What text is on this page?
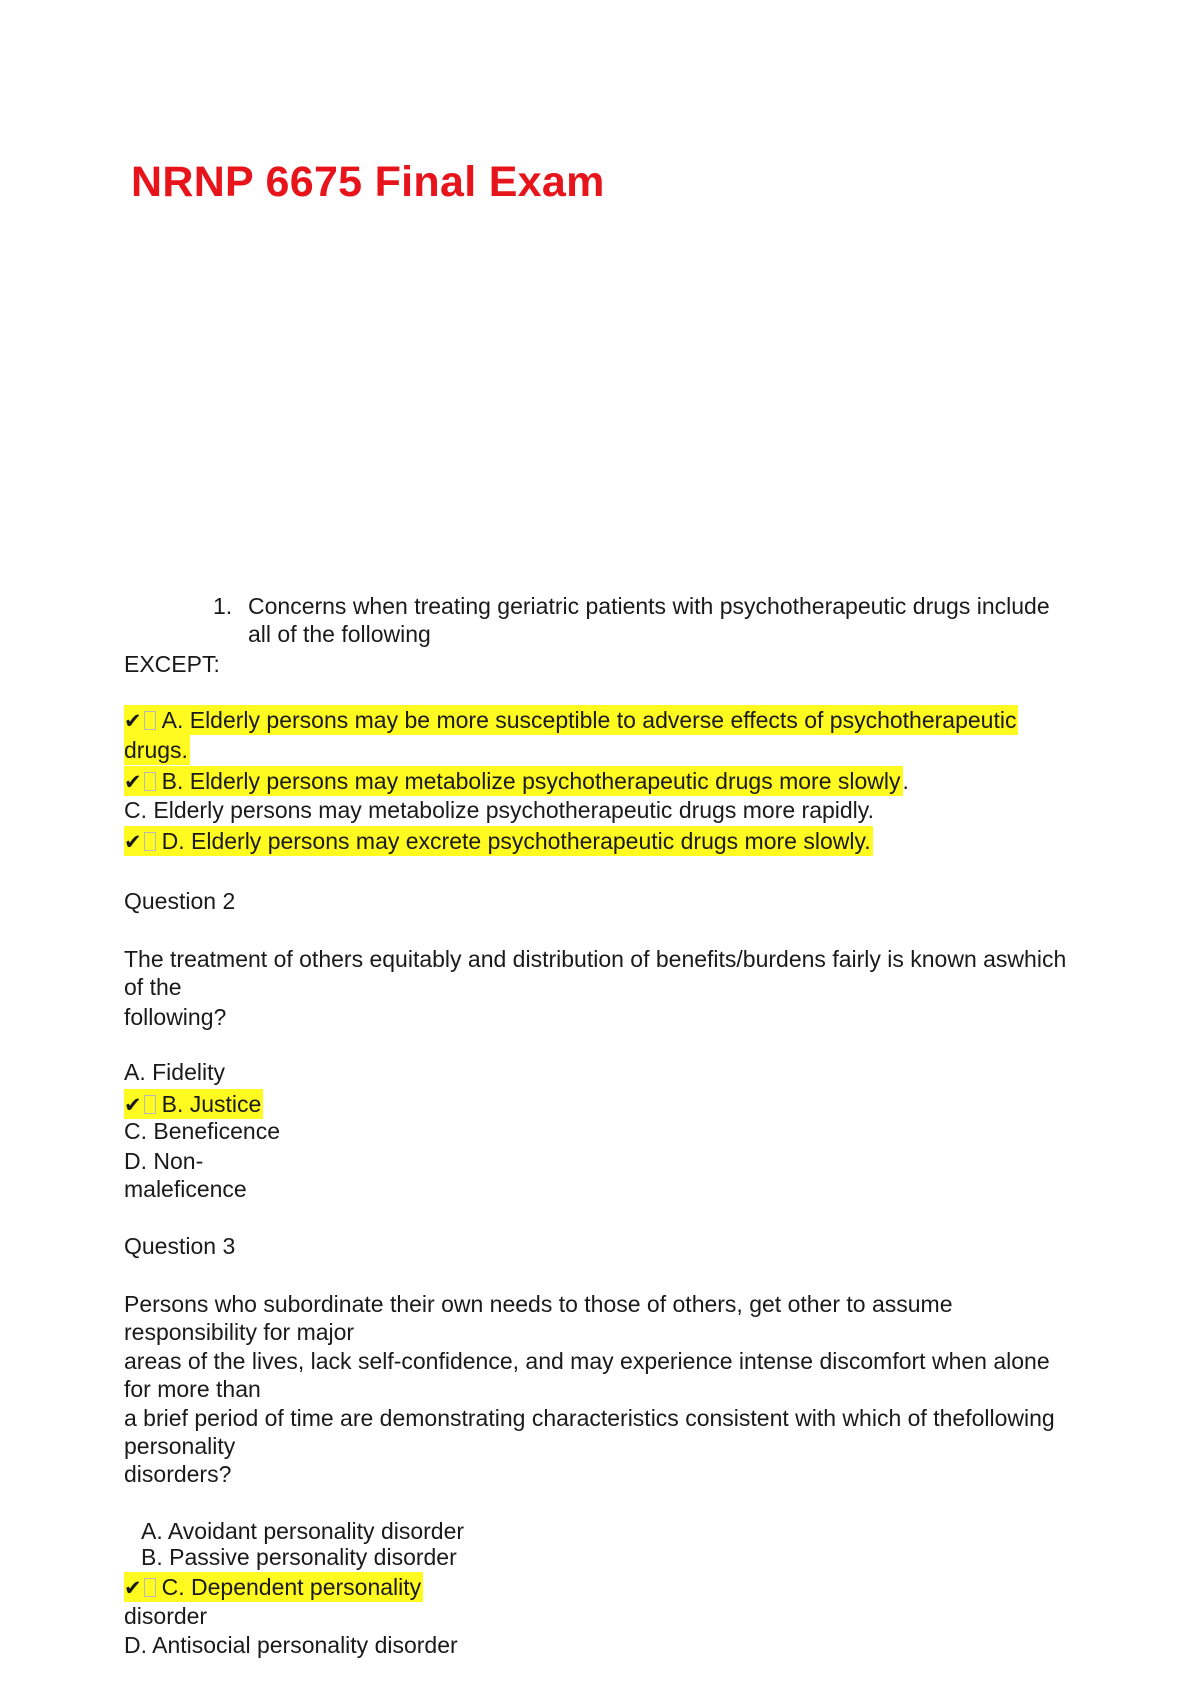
NRNP 6675 Final Exam
1. Concerns when treating geriatric patients with psychotherapeutic drugs include
all of the following
EXCEPT:
✔ A. Elderly persons may be more susceptible to adverse effects of psychotherapeutic
drugs.
✔ B. Elderly persons may metabolize psychotherapeutic drugs more slowly.
C. Elderly persons may metabolize psychotherapeutic drugs more rapidly.
✔ D. Elderly persons may excrete psychotherapeutic drugs more slowly.
Question 2
The treatment of others equitably and distribution of benefits/burdens fairly is known aswhich
of the
following?
A. Fidelity
✔ B. Justice
C. Beneficence
D. Non-
maleficence
Question 3
Persons who subordinate their own needs to those of others, get other to assume
responsibility for major
areas of the lives, lack self-confidence, and may experience intense discomfort when alone
for more than
a brief period of time are demonstrating characteristics consistent with which of thefollowing
personality
disorders?
A. Avoidant personality disorder
B. Passive personality disorder
✔ C. Dependent personality
disorder
D. Antisocial personality disorder
